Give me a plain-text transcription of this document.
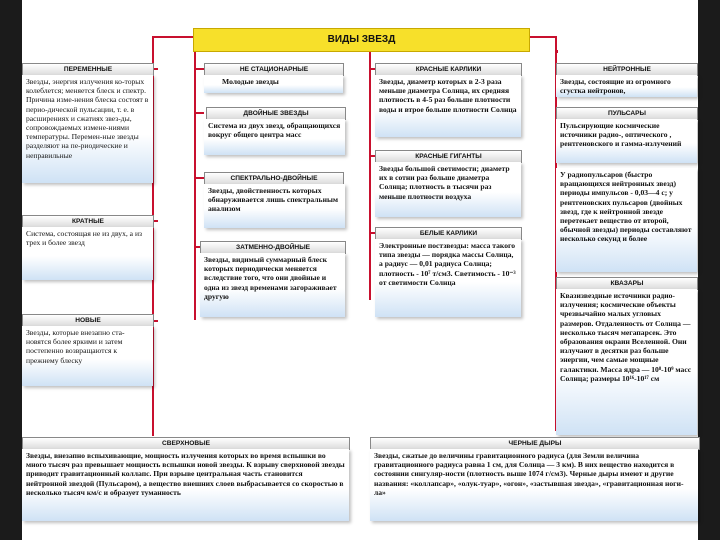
ВИДЫ ЗВЕЗД
ПЕРЕМЕННЫЕ
Звезды, энергия излучения ко-торых колеблется; меняется блеск и спектр. Причина изме-нения блеска состоят в перио-дической пульсации, т. е. в расширениях и сжатиях звез-ды, сопровождаемых измене-ниями температуры. Перемен-ные звезды разделяют на пе-риодические и неправильные
КРАТНЫЕ
Система, состоящая не из двух, а из трех и более звезд
НОВЫЕ
Звезды, которые внезапно ста-новятся более яркими и затем постепенно возвращаются к прежнему блеску
НЕ СТАЦИОНАРНЫЕ
Молодые звезды
ДВОЙНЫЕ ЗВЕЗДЫ
Система из двух звезд, обращающихся вокруг общего центра масс
СПЕКТРАЛЬНО-ДВОЙНЫЕ
Звезды, двойственность которых обнаруживается лишь спектральным анализом
ЗАТМЕННО-ДВОЙНЫЕ
Звезды, видимый суммарный блеск которых периодически меняется вследствие того, что они двойные и одна из звезд временами загораживает другую
КРАСНЫЕ КАРЛИКИ
Звезды, диаметр которых в 2-3 раза меньше диаметра Солнца, их средняя плотность в 4-5 раз больше плотности воды и втрое больше плотности Солнца
КРАСНЫЕ ГИГАНТЫ
Звезды большой светимости; диаметр их в сотни раз больше диаметра Солнца; плотность в тысячи раз меньше плотности воздуха
БЕЛЫЕ КАРЛИКИ
Электронные постзвезды: масса такого типа звезды — порядка массы Солнца, а радиус — 0,01 радиуса Солнца; плотность - 10⁷ т/см3. Светимость - 10⁻³ от светимости Солнца
НЕЙТРОННЫЕ
Звезды, состоящие из огромного сгустка нейтронов,
ПУЛЬСАРЫ
Пульсирующие космические источники радио-, оптического , рентгеновского и гамма-излучений
У радиопульсаров (быстро вращающихся нейтронных звезд) периоды импульсов - 0,03—4 с; у рентгеновских пульсаров (двойных звезд, где к нейтронной звезде перетекает вещество от второй, обычной звезды) периоды составляют несколько секунд и более
КВАЗАРЫ
Квазизвездные источники радио-излучения; космические объекты чрезвычайно малых угловых размеров. Отдаленность от Солнца — несколько тысяч мегапарсек. Это образования окраин Вселенной. Они излучают в десятки раз больше энергии, чем самые мощные галактики. Масса ядра — 10⁸-10⁹ масс Солнца; размеры 10¹⁶-10¹⁷ см
СВЕРХНОВЫЕ
Звезды, внезапно вспыхивающие, мощность излучения которых во время вспышки во много тысяч раз превышает мощность вспышки новой звезды. К взрыву сверхновой звезды приводит гравитационный коллапс. При взрыве центральная часть становится нейтронной звездой (Пульсаром), а вещество внешних слоев выбрасывается со скоростью в несколько тысяч км/с и образует туманность
ЧЕРНЫЕ ДЫРЫ
Звезды, сжатые до величины гравитационного радиуса (для Земли величина гравитационного радиуса равна 1 см, для Солнца — 3 км). В них вещество находится в состоянии сингуляр-ности (плотность выше 1074 г/см3). Черные дыры имеют и другие названия: «коллапсар», «олук-туар», «огон», «застывшая звезда», «гравитационная ноги-ла»
